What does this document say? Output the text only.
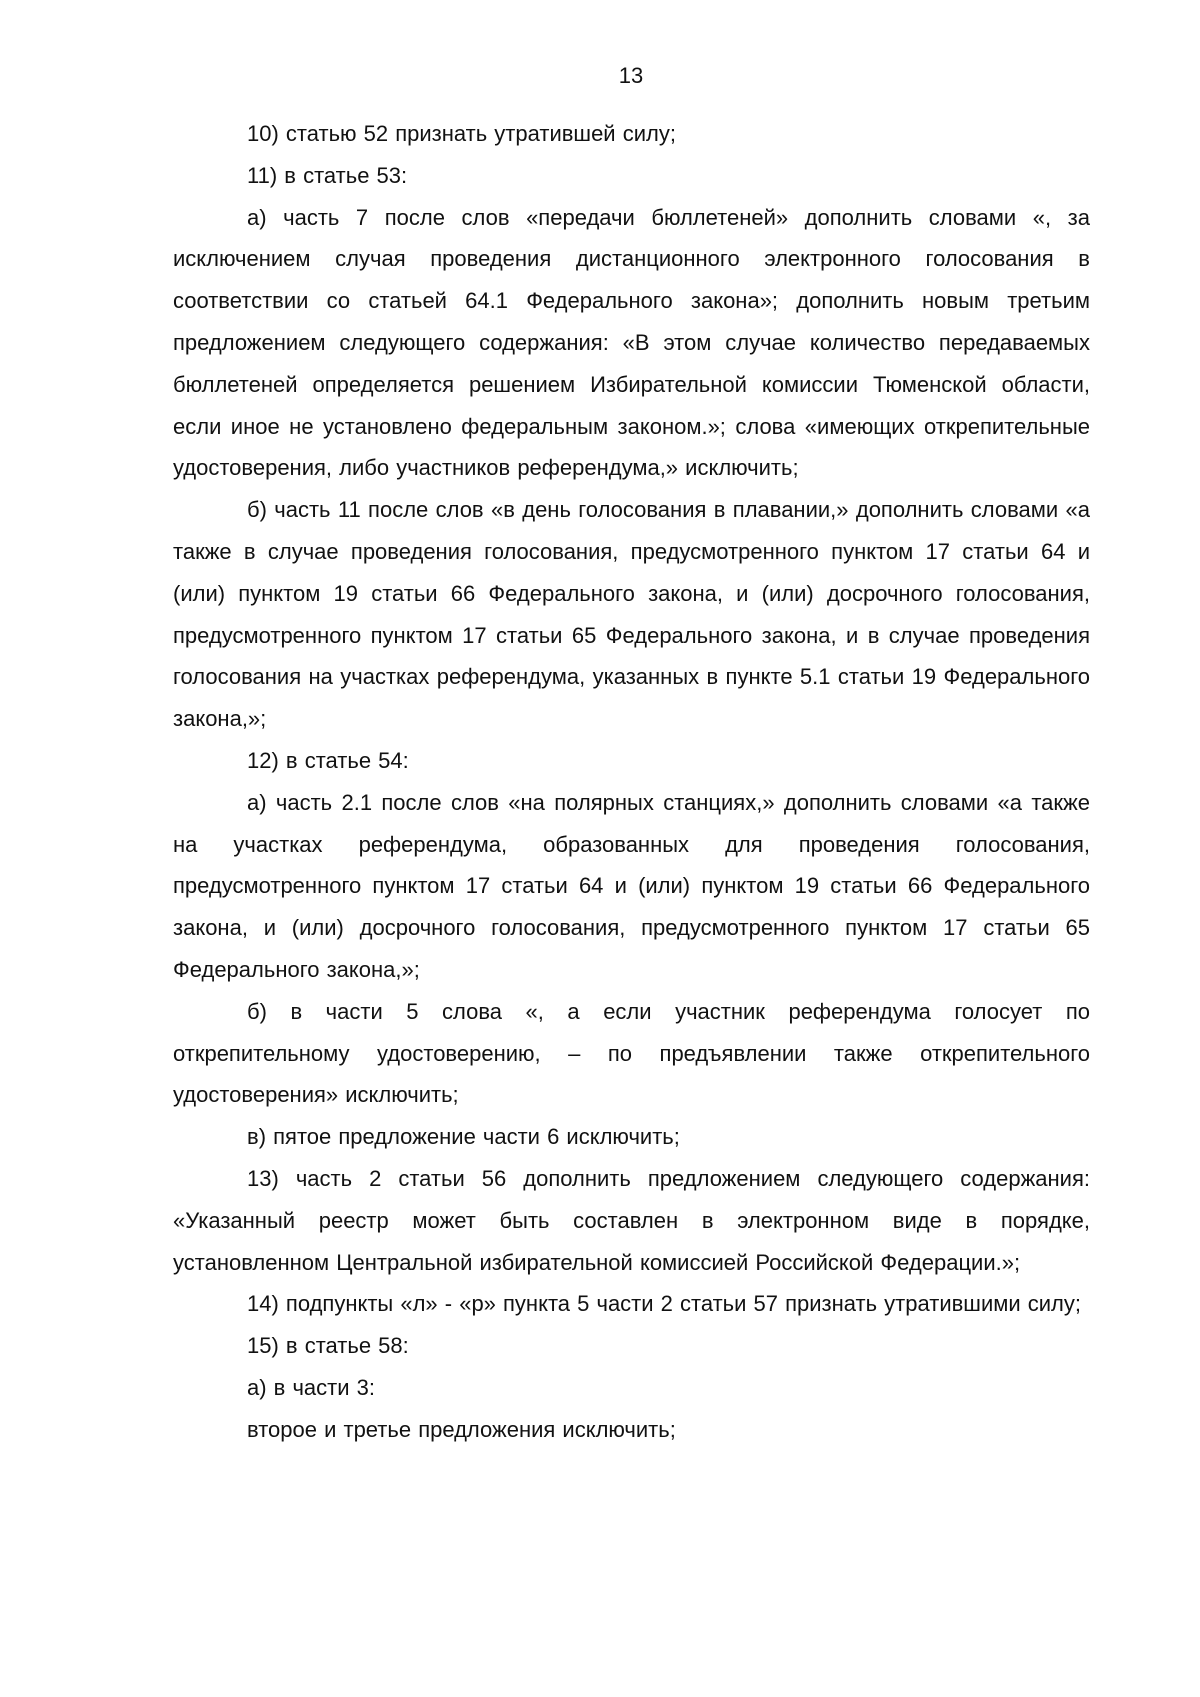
13

10) статью 52 признать утратившей силу;

11) в статье 53:

а) часть 7 после слов «передачи бюллетеней» дополнить словами «, за исключением случая проведения дистанционного электронного голосования в соответствии со статьей 64.1 Федерального закона»; дополнить новым третьим предложением следующего содержания: «В этом случае количество передаваемых бюллетеней определяется решением Избирательной комиссии Тюменской области, если иное не установлено федеральным законом.»; слова «имеющих открепительные удостоверения, либо участников референдума,» исключить;

б) часть 11 после слов «в день голосования в плавании,» дополнить словами «а также в случае проведения голосования, предусмотренного пунктом 17 статьи 64 и (или) пунктом 19 статьи 66 Федерального закона, и (или) досрочного голосования, предусмотренного пунктом 17 статьи 65 Федерального закона, и в случае проведения голосования на участках референдума, указанных в пункте 5.1 статьи 19 Федерального закона,»;

12) в статье 54:

а) часть 2.1 после слов «на полярных станциях,» дополнить словами «а также на участках референдума, образованных для проведения голосования, предусмотренного пунктом 17 статьи 64 и (или) пунктом 19 статьи 66 Федерального закона, и (или) досрочного голосования, предусмотренного пунктом 17 статьи 65 Федерального закона,»;

б) в части 5 слова «, а если участник референдума голосует по открепительному удостоверению, – по предъявлении также открепительного удостоверения» исключить;

в) пятое предложение части 6 исключить;

13) часть 2 статьи 56 дополнить предложением следующего содержания: «Указанный реестр может быть составлен в электронном виде в порядке, установленном Центральной избирательной комиссией Российской Федерации.»;

14) подпункты «л» - «р» пункта 5 части 2 статьи 57 признать утратившими силу;

15) в статье 58:

а) в части 3:

второе и третье предложения исключить;
